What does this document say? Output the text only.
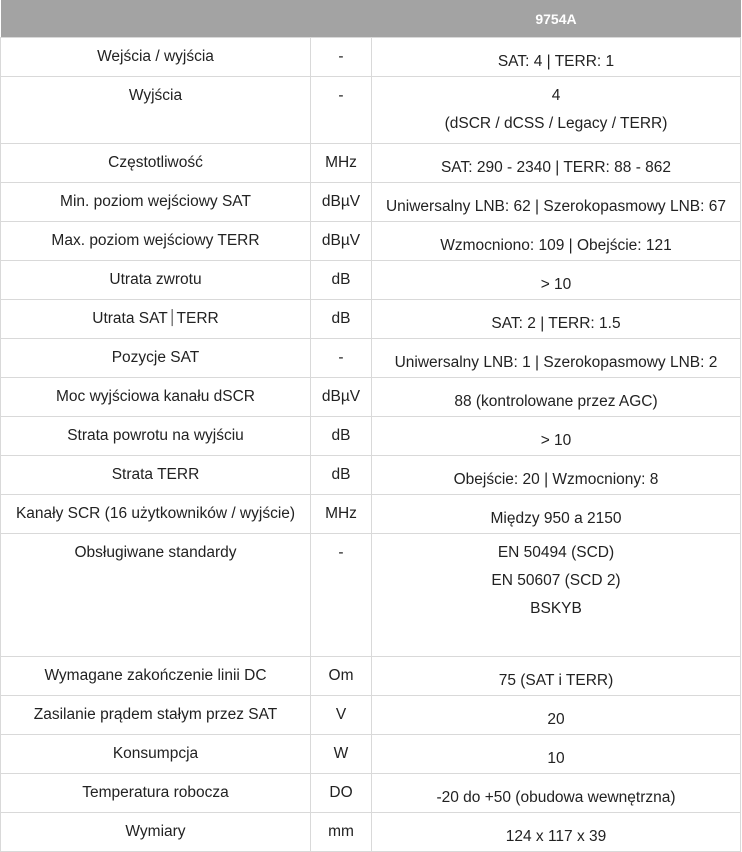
		9754A
Wejścia / wyjścia	-	SAT: 4 | TERR: 1

Wyjścia	-	4
(dSCR / dCSS / Legacy / TERR)

Częstotliwość	MHz	SAT: 290 - 2340 | TERR: 88 - 862

Min. poziom wejściowy SAT	dBµV	Uniwersalny LNB: 62 | Szerokopasmowy LNB: 67

Max. poziom wejściowy TERR	dBµV	Wzmocniono: 109 | Obejście: 121

Utrata zwrotu	dB	> 10

Utrata SAT⏐TERR	dB	SAT: 2 | TERR: 1.5

Pozycje SAT	-	Uniwersalny LNB: 1 | Szerokopasmowy LNB: 2

Moc wyjściowa kanału dSCR	dBµV	88 (kontrolowane przez AGC)

Strata powrotu na wyjściu	dB	> 10

Strata TERR	dB	Obejście: 20 | Wzmocniony: 8

Kanały SCR (16 użytkowników / wyjście)	MHz	Między 950 a 2150

Obsługiwane standardy	-	EN 50494 (SCD)
EN 50607 (SCD 2)
BSKYB

Wymagane zakończenie linii DC	Om	75 (SAT i TERR)

Zasilanie prądem stałym przez SAT	V	20

Konsumpcja	W	10

Temperatura robocza	DO	-20 do +50 (obudowa wewnętrzna)

Wymiary	mm	124 x 117 x 39
